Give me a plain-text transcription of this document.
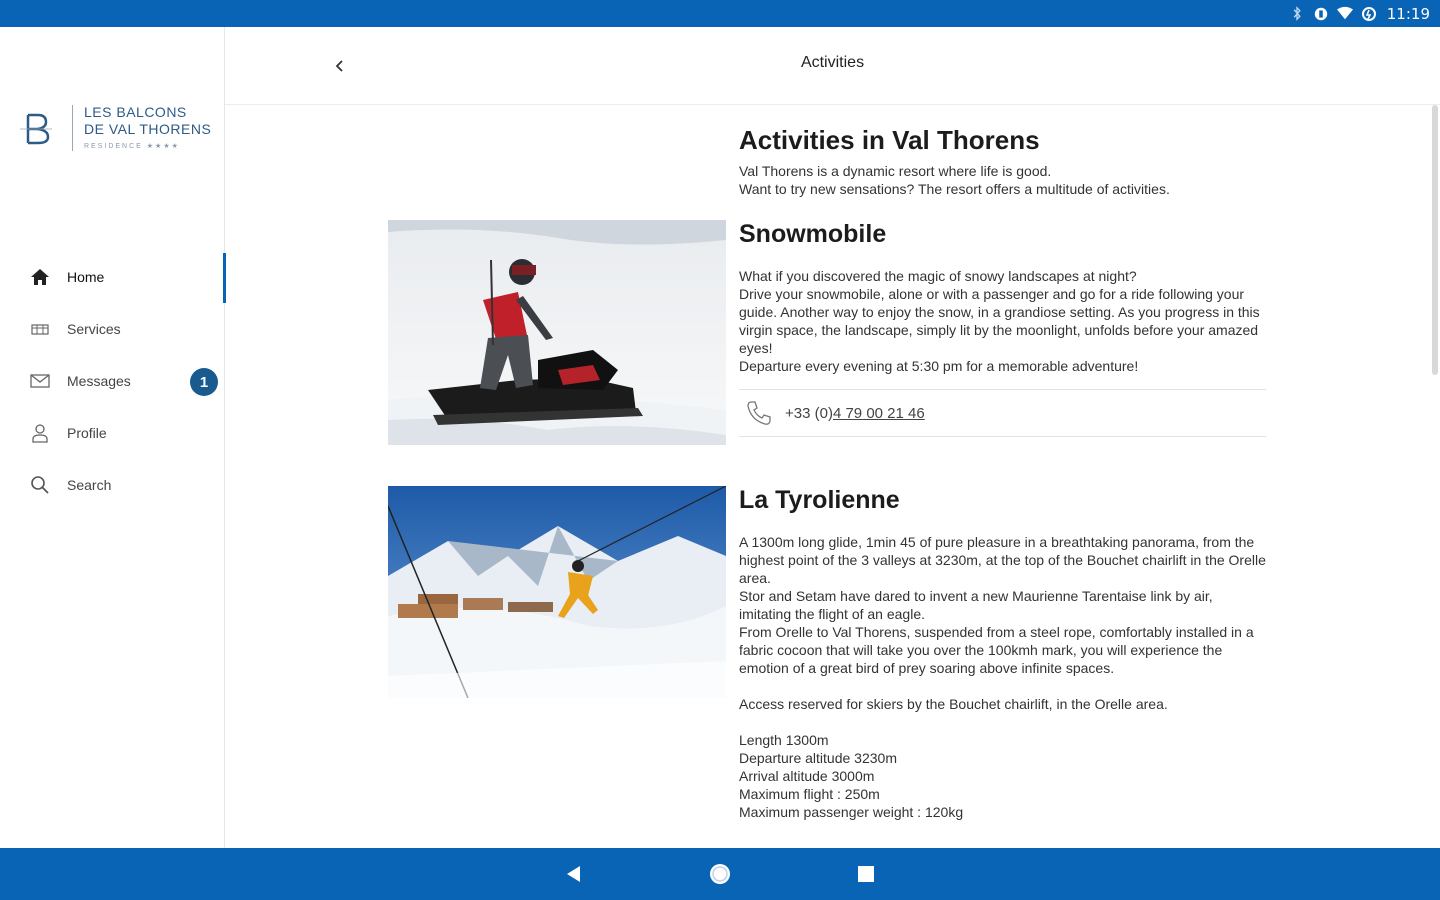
11:19
LES BALCONS
DE VAL THORENS
RESIDENCE ★★★★
Home
Services
Messages	1
Profile
Search
Activities
Activities in Val Thorens
Val Thorens is a dynamic resort where life is good.
Want to try new sensations? The resort offers a multitude of activities.
Snowmobile
What if you discovered the magic of snowy landscapes at night?
Drive your snowmobile, alone or with a passenger and go for a ride following your guide. Another way to enjoy the snow, in a grandiose setting. As you progress in this virgin space, the landscape, simply lit by the moonlight, unfolds before your amazed eyes!
Departure every evening at 5:30 pm for a memorable adventure!
+33 (0)4 79 00 21 46
La Tyrolienne
A 1300m long glide, 1min 45 of pure pleasure in a breathtaking panorama, from the highest point of the 3 valleys at 3230m, at the top of the Bouchet chairlift in the Orelle area.
Stor and Setam have dared to invent a new Maurienne Tarentaise link by air, imitating the flight of an eagle.
From Orelle to Val Thorens, suspended from a steel rope, comfortably installed in a fabric cocoon that will take you over the 100kmh mark, you will experience the emotion of a great bird of prey soaring above infinite spaces.

Access reserved for skiers by the Bouchet chairlift, in the Orelle area.

Length 1300m
Departure altitude 3230m
Arrival altitude 3000m
Maximum flight : 250m
Maximum passenger weight : 120kg
